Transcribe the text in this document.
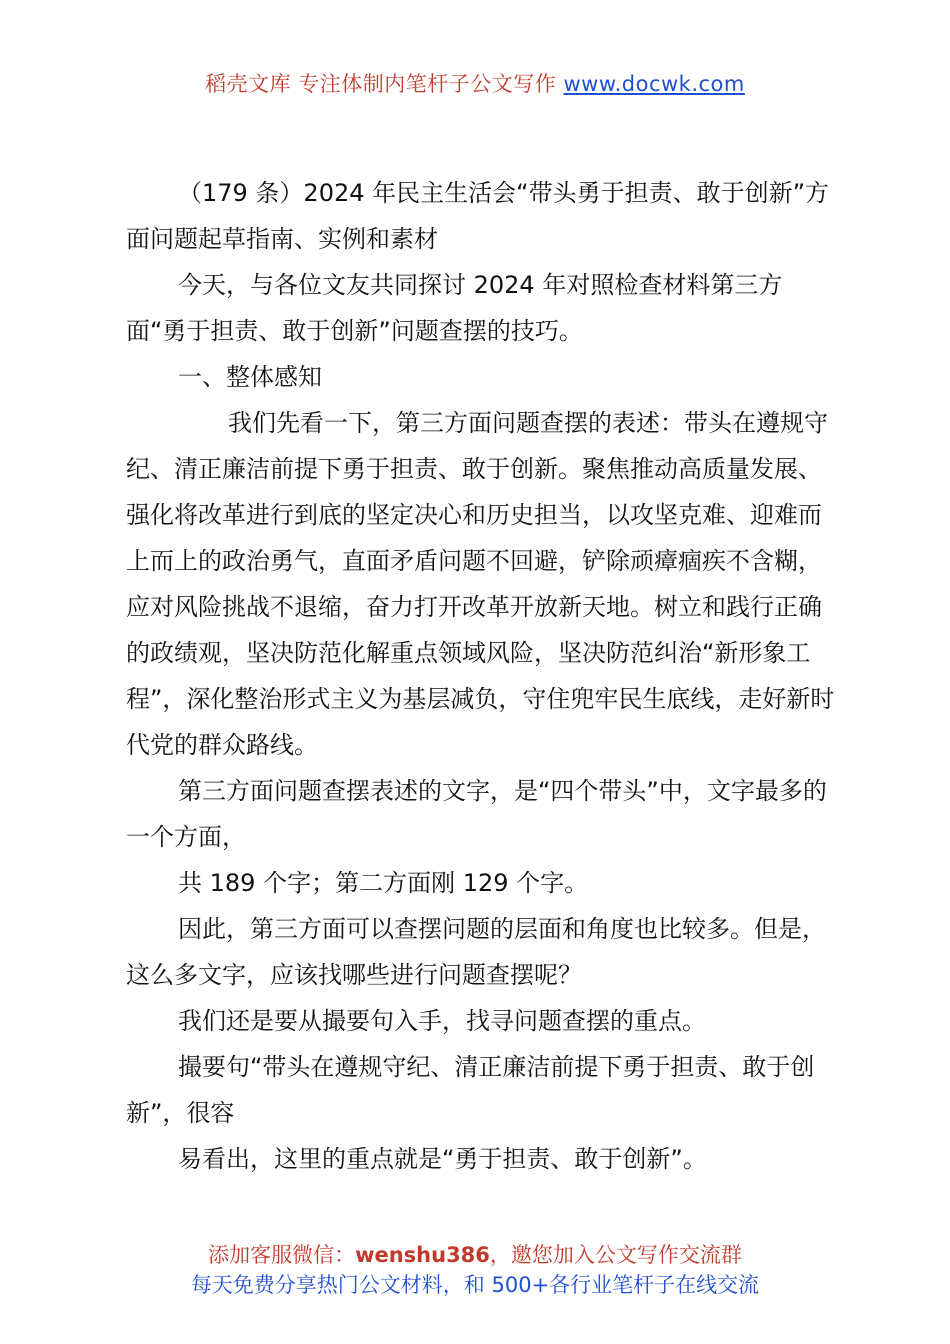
稻壳文库 专注体制内笔杆子公文写作 www.docwk.com

（179 条）2024 年民主生活会“带头勇于担责、敢于创新”方面问题起草指南、实例和素材

今天，与各位文友共同探讨 2024 年对照检查材料第三方面“勇于担责、敢于创新”问题查摆的技巧。

一、整体感知

我们先看一下，第三方面问题查摆的表述：带头在遵规守纪、清正廉洁前提下勇于担责、敢于创新。聚焦推动高质量发展、强化将改革进行到底的坚定决心和历史担当，以攻坚克难、迎难而上而上的政治勇气，直面矛盾问题不回避，铲除顽瘴痼疾不含糊，应对风险挑战不退缩，奋力打开改革开放新天地。树立和践行正确的政绩观，坚决防范化解重点领域风险，坚决防范纠治“新形象工程”，深化整治形式主义为基层减负，守住兜牢民生底线，走好新时代党的群众路线。

第三方面问题查摆表述的文字，是“四个带头”中，文字最多的一个方面，

共 189 个字；第二方面刚 129 个字。

因此，第三方面可以查摆问题的层面和角度也比较多。但是，这么多文字，应该找哪些进行问题查摆呢？

我们还是要从撮要句入手，找寻问题查摆的重点。

撮要句“带头在遵规守纪、清正廉洁前提下勇于担责、敢于创新”，很容

易看出，这里的重点就是“勇于担责、敢于创新”。

添加客服微信：wenshu386，邀您加入公文写作交流群
每天免费分享热门公文材料，和 500+各行业笔杆子在线交流
